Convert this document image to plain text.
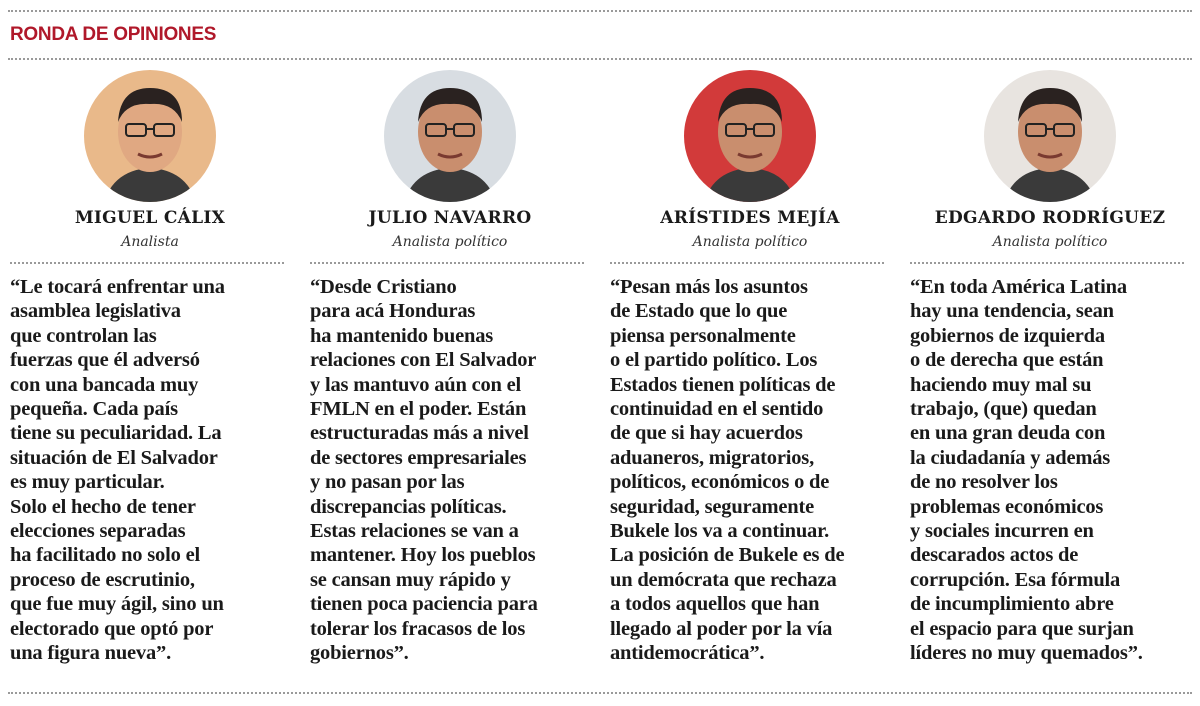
RONDA DE OPINIONES
MIGUEL CÁLIX
Analista
“Le tocará enfrentar una
asamblea legislativa
que controlan las
fuerzas que él adversó
con una bancada muy
pequeña. Cada país
tiene su peculiaridad. La
situación de El Salvador
es muy particular.
Solo el hecho de tener
elecciones separadas
ha facilitado no solo el
proceso de escrutinio,
que fue muy ágil, sino un
electorado que optó por
una figura nueva”.
JULIO NAVARRO
Analista político
“Desde Cristiano
para acá Honduras
ha mantenido buenas
relaciones con El Salvador
y las mantuvo aún con el
FMLN en el poder. Están
estructuradas más a nivel
de sectores empresariales
y no pasan por las
discrepancias políticas.
Estas relaciones se van a
mantener. Hoy los pueblos
se cansan muy rápido y
tienen poca paciencia para
tolerar los fracasos de los
gobiernos”.
ARÍSTIDES MEJÍA
Analista político
“Pesan más los asuntos
de Estado que lo que
piensa personalmente
o el partido político. Los
Estados tienen políticas de
continuidad en el sentido
de que si hay acuerdos
aduaneros, migratorios,
políticos, económicos o de
seguridad, seguramente
Bukele los va a continuar.
La posición de Bukele es de
un demócrata que rechaza
a todos aquellos que han
llegado al poder por la vía
antidemocrática”.
EDGARDO RODRÍGUEZ
Analista político
“En toda América Latina
hay una tendencia, sean
gobiernos de izquierda
o de derecha que están
haciendo muy mal su
trabajo, (que) quedan
en una gran deuda con
la ciudadanía y además
de no resolver los
problemas económicos
y sociales incurren en
descarados actos de
corrupción. Esa fórmula
de incumplimiento abre
el espacio para que surjan
líderes no muy quemados”.
